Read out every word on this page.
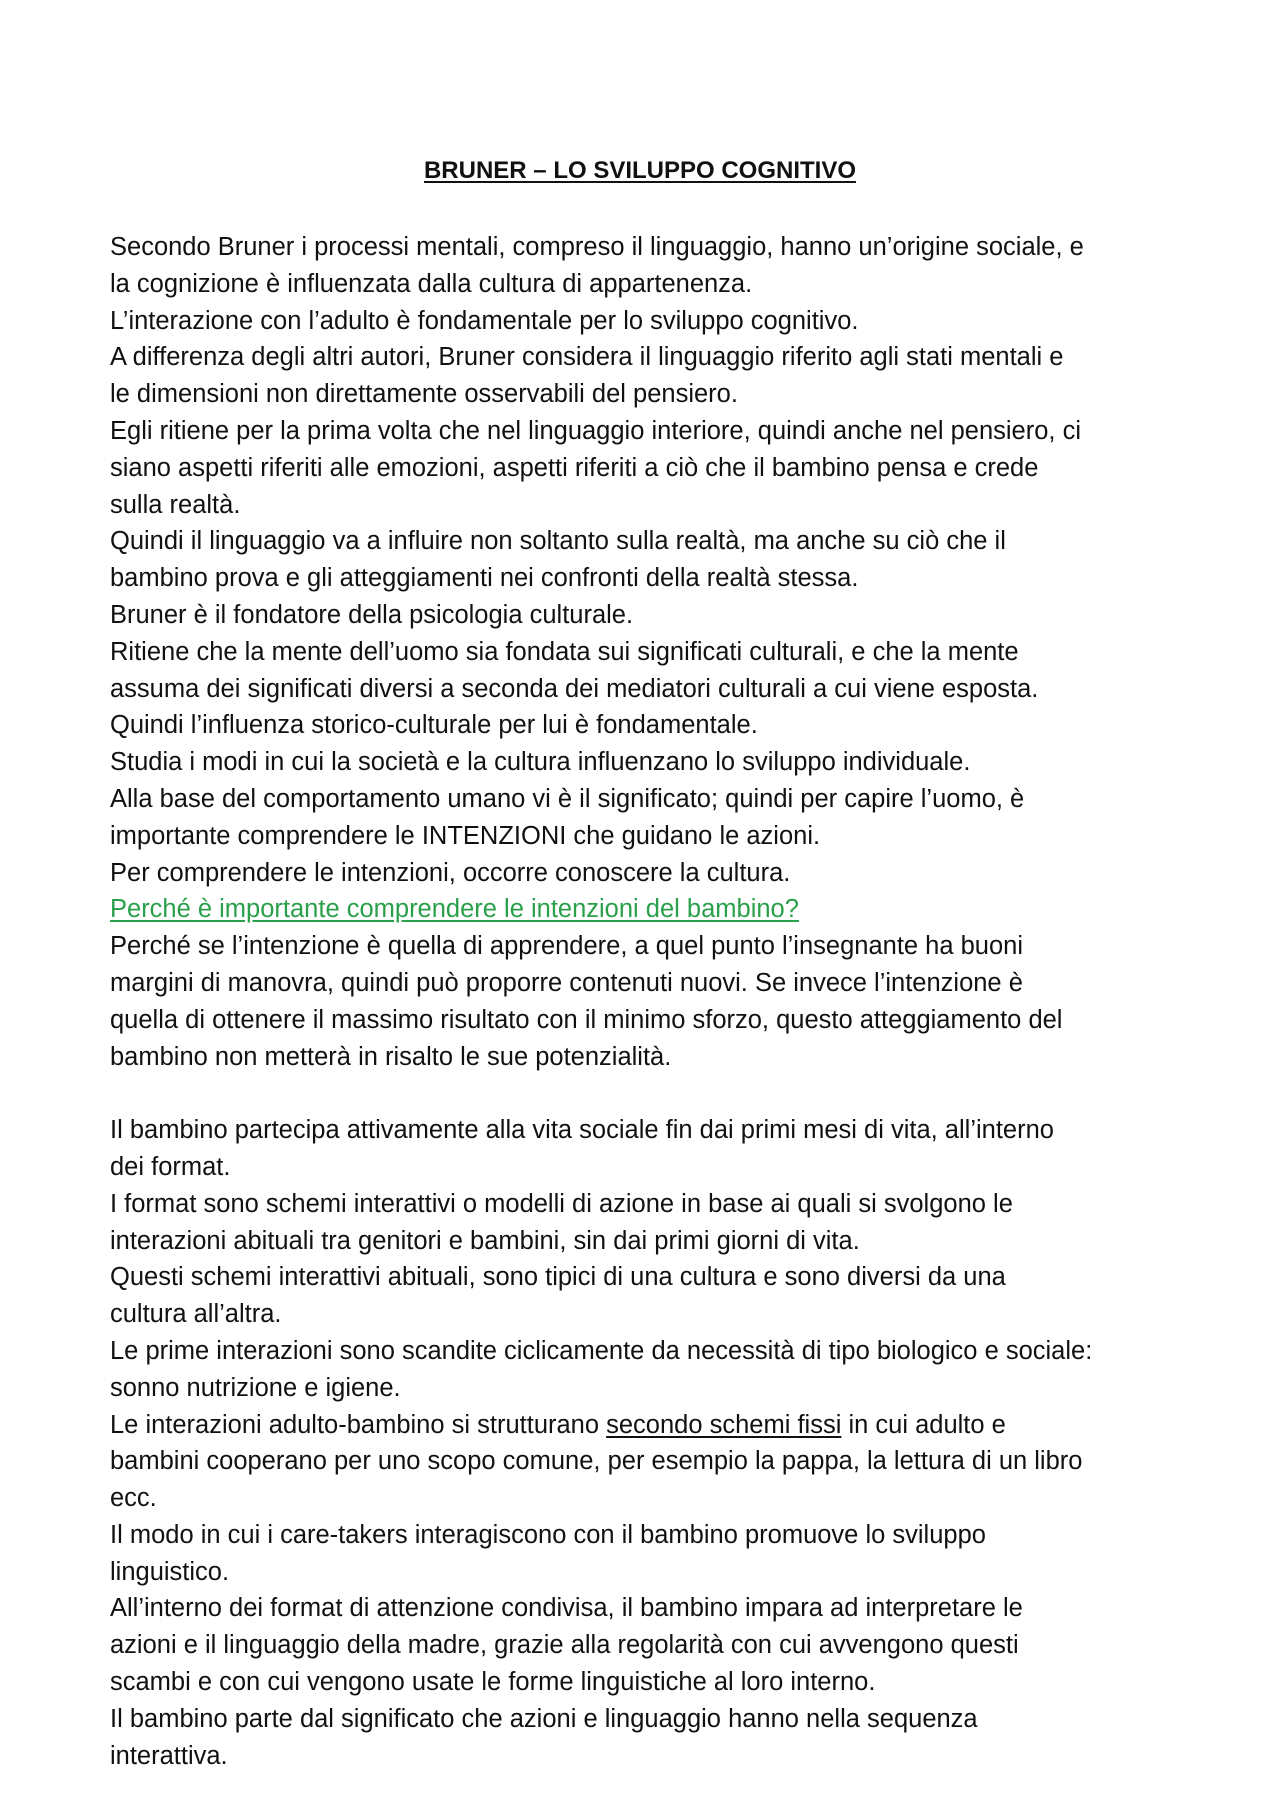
BRUNER – LO SVILUPPO COGNITIVO
Secondo Bruner i processi mentali, compreso il linguaggio, hanno un’origine sociale, e
la cognizione è influenzata dalla cultura di appartenenza.
L’interazione con l’adulto è fondamentale per lo sviluppo cognitivo.
A differenza degli altri autori, Bruner considera il linguaggio riferito agli stati mentali e
le dimensioni non direttamente osservabili del pensiero.
Egli ritiene per la prima volta che nel linguaggio interiore, quindi anche nel pensiero, ci
siano aspetti riferiti alle emozioni, aspetti riferiti a ciò che il bambino pensa e crede
sulla realtà.
Quindi il linguaggio va a influire non soltanto sulla realtà, ma anche su ciò che il
bambino prova e gli atteggiamenti nei confronti della realtà stessa.
Bruner è il fondatore della psicologia culturale.
Ritiene che la mente dell’uomo sia fondata sui significati culturali, e che la mente
assuma dei significati diversi a seconda dei mediatori culturali a cui viene esposta.
Quindi l’influenza storico-culturale per lui è fondamentale.
Studia i modi in cui la società e la cultura influenzano lo sviluppo individuale.
Alla base del comportamento umano vi è il significato; quindi per capire l’uomo, è
importante comprendere le INTENZIONI che guidano le azioni.
Per comprendere le intenzioni, occorre conoscere la cultura.
Perché è importante comprendere le intenzioni del bambino?
Perché se l’intenzione è quella di apprendere, a quel punto l’insegnante ha buoni
margini di manovra, quindi può proporre contenuti nuovi. Se invece l’intenzione è
quella di ottenere il massimo risultato con il minimo sforzo, questo atteggiamento del
bambino non metterà in risalto le sue potenzialità.
Il bambino partecipa attivamente alla vita sociale fin dai primi mesi di vita, all’interno
dei format.
I format sono schemi interattivi o modelli di azione in base ai quali si svolgono le
interazioni abituali tra genitori e bambini, sin dai primi giorni di vita.
Questi schemi interattivi abituali, sono tipici di una cultura e sono diversi da una
cultura all’altra.
Le prime interazioni sono scandite ciclicamente da necessità di tipo biologico e sociale:
sonno nutrizione e igiene.
Le interazioni adulto-bambino si strutturano secondo schemi fissi in cui adulto e
bambini cooperano per uno scopo comune, per esempio la pappa, la lettura di un libro
ecc.
Il modo in cui i care-takers interagiscono con il bambino promuove lo sviluppo
linguistico.
All’interno dei format di attenzione condivisa, il bambino impara ad interpretare le
azioni e il linguaggio della madre, grazie alla regolarità con cui avvengono questi
scambi e con cui vengono usate le forme linguistiche al loro interno.
Il bambino parte dal significato che azioni e linguaggio hanno nella sequenza
interattiva.
